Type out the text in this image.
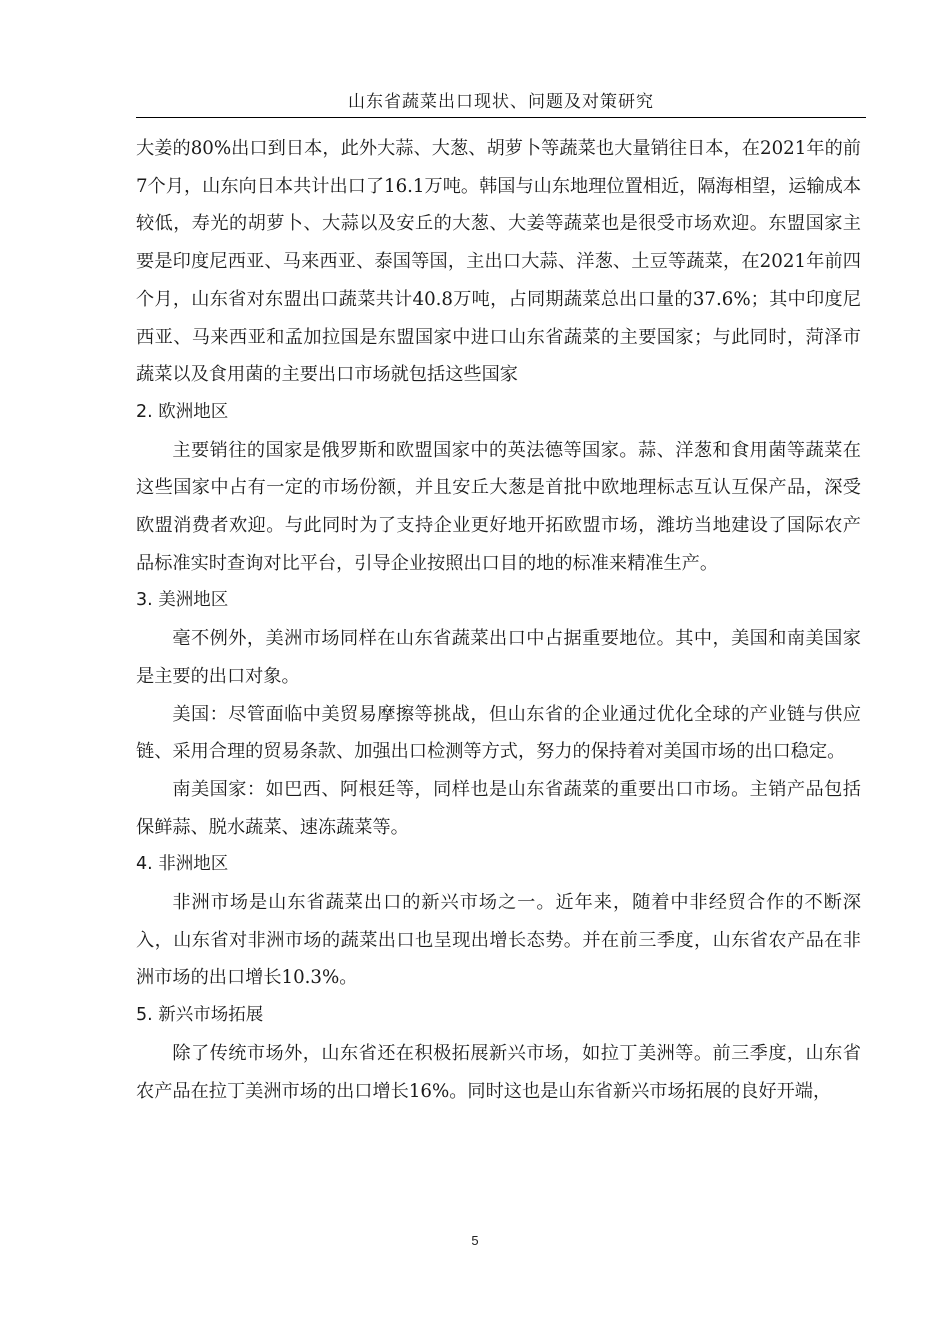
山东省蔬菜出口现状、问题及对策研究

大姜的80%出口到日本，此外大蒜、大葱、胡萝卜等蔬菜也大量销往日本，在2021年的前7个月，山东向日本共计出口了16.1万吨。韩国与山东地理位置相近，隔海相望，运输成本较低，寿光的胡萝卜、大蒜以及安丘的大葱、大姜等蔬菜也是很受市场欢迎。东盟国家主要是印度尼西亚、马来西亚、泰国等国，主出口大蒜、洋葱、土豆等蔬菜，在2021年前四个月，山东省对东盟出口蔬菜共计40.8万吨，占同期蔬菜总出口量的37.6%；其中印度尼西亚、马来西亚和孟加拉国是东盟国家中进口山东省蔬菜的主要国家；与此同时，菏泽市蔬菜以及食用菌的主要出口市场就包括这些国家

2. 欧洲地区

主要销往的国家是俄罗斯和欧盟国家中的英法德等国家。蒜、洋葱和食用菌等蔬菜在这些国家中占有一定的市场份额，并且安丘大葱是首批中欧地理标志互认互保产品，深受欧盟消费者欢迎。与此同时为了支持企业更好地开拓欧盟市场，潍坊当地建设了国际农产品标准实时查询对比平台，引导企业按照出口目的地的标准来精准生产。

3. 美洲地区

毫不例外，美洲市场同样在山东省蔬菜出口中占据重要地位。其中，美国和南美国家是主要的出口对象。

美国：尽管面临中美贸易摩擦等挑战，但山东省的企业通过优化全球的产业链与供应链、采用合理的贸易条款、加强出口检测等方式，努力的保持着对美国市场的出口稳定。

南美国家：如巴西、阿根廷等，同样也是山东省蔬菜的重要出口市场。主销产品包括保鲜蒜、脱水蔬菜、速冻蔬菜等。

4. 非洲地区

非洲市场是山东省蔬菜出口的新兴市场之一。近年来，随着中非经贸合作的不断深入，山东省对非洲市场的蔬菜出口也呈现出增长态势。并在前三季度，山东省农产品在非洲市场的出口增长10.3%。

5. 新兴市场拓展

除了传统市场外，山东省还在积极拓展新兴市场，如拉丁美洲等。前三季度，山东省农产品在拉丁美洲市场的出口增长16%。同时这也是山东省新兴市场拓展的良好开端，

5
